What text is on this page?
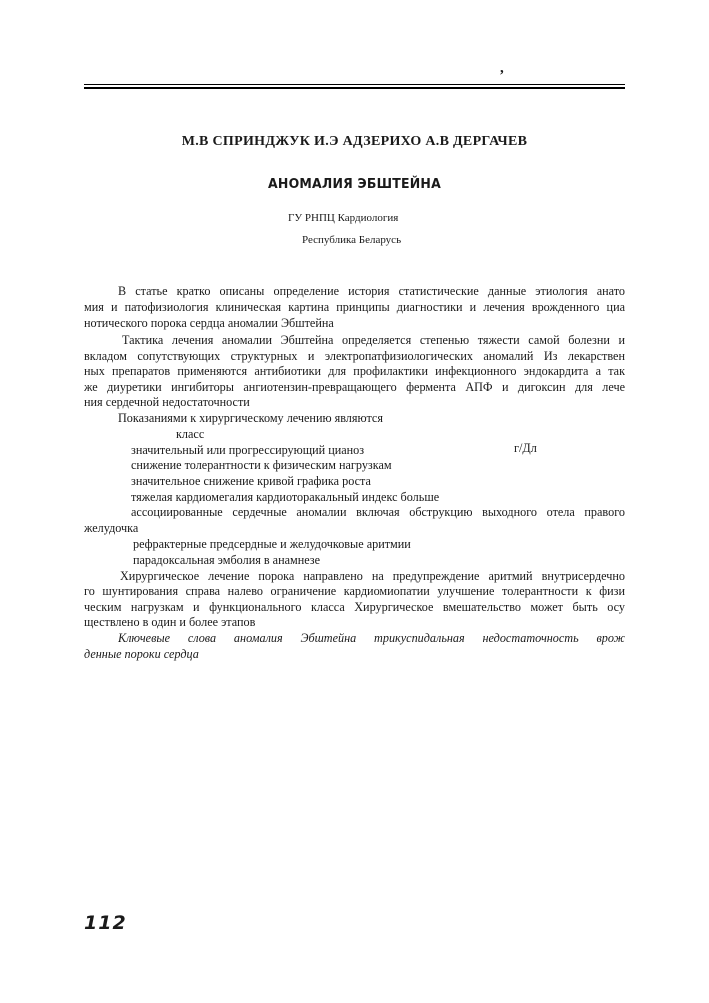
,
М.В СПРИНДЖУК И.Э АДЗЕРИХО А.В ДЕРГАЧЕВ
АНОМАЛИЯ ЭБШТЕЙНА
ГУ РНПЦ Кардиология
Республика Беларусь
В статье кратко описаны определение история статистические данные этиология анато
мия и патофизиология клиническая картина принципы диагностики и лечения врожденного циа
нотического порока сердца аномалии Эбштейна
Тактика лечения аномалии Эбштейна определяется степенью тяжести самой болезни и
вкладом сопутствующих структурных и электропатфизиологических аномалий Из лекарствен
ных препаратов применяются антибиотики для профилактики инфекционного эндокардита а так
же диуретики ингибиторы ангиотензин-превращающего фермента АПФ и дигоксин для лече
ния сердечной недостаточности
Показаниями к хирургическому лечению являются
класс
значительный или прогрессирующий цианоз	г/Дл
снижение толерантности к физическим нагрузкам
значительное снижение кривой графика роста
тяжелая кардиомегалия кардиоторакальный индекс больше
ассоциированные сердечные аномалии включая обструкцию выходного отела правого
желудочка
рефрактерные предсердные и желудочковые аритмии
парадоксальная эмболия в анамнезе
Хирургическое лечение порока направлено на предупреждение аритмий внутрисердечно
го шунтирования справа налево ограничение кардиомиопатии улучшение толерантности к физи
ческим нагрузкам и функционального класса Хирургическое вмешательство может быть осу
ществлено в один и более этапов
Ключевые слова аномалия Эбштейна трикуспидальная недостаточность врож
денные пороки сердца
112
